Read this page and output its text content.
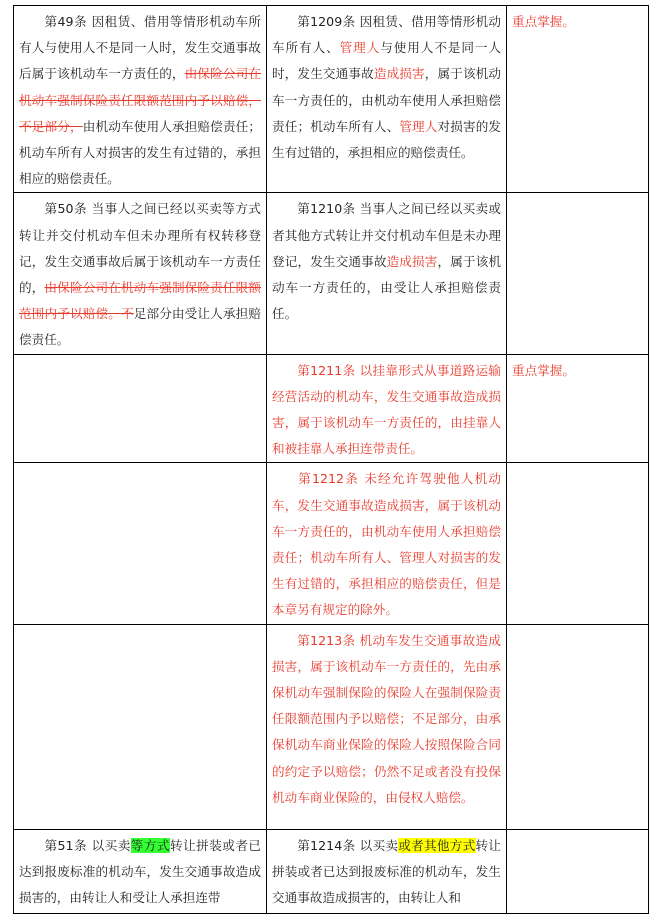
第49条 因租赁、借用等情形机动车所有人与使用人不是同一人时，发生交通事故后属于该机动车一方责任的，由保险公司在机动车强制保险责任限额范围内予以赔偿，不足部分，由机动车使用人承担赔偿责任；机动车所有人对损害的发生有过错的，承担相应的赔偿责任。	第1209条 因租赁、借用等情形机动车所有人、管理人与使用人不是同一人时，发生交通事故造成损害，属于该机动车一方责任的，由机动车使用人承担赔偿责任；机动车所有人、管理人对损害的发生有过错的，承担相应的赔偿责任。	重点掌握。
第50条 当事人之间已经以买卖等方式转让并交付机动车但未办理所有权转移登记，发生交通事故后属于该机动车一方责任的，由保险公司在机动车强制保险责任限额范围内予以赔偿。不足部分由受让人承担赔偿责任。	第1210条 当事人之间已经以买卖或者其他方式转让并交付机动车但是未办理登记，发生交通事故造成损害，属于该机动车一方责任的，由受让人承担赔偿责任。	
	第1211条 以挂靠形式从事道路运输经营活动的机动车，发生交通事故造成损害，属于该机动车一方责任的，由挂靠人和被挂靠人承担连带责任。	重点掌握。
	第1212条 未经允许驾驶他人机动车，发生交通事故造成损害，属于该机动车一方责任的，由机动车使用人承担赔偿责任；机动车所有人、管理人对损害的发生有过错的，承担相应的赔偿责任，但是本章另有规定的除外。	
	第1213条 机动车发生交通事故造成损害，属于该机动车一方责任的，先由承保机动车强制保险的保险人在强制保险责任限额范围内予以赔偿；不足部分，由承保机动车商业保险的保险人按照保险合同的约定予以赔偿；仍然不足或者没有投保机动车商业保险的，由侵权人赔偿。	
第51条 以买卖等方式转让拼装或者已达到报废标准的机动车，发生交通事故造成损害的，由转让人和受让人承担连带	第1214条 以买卖或者其他方式转让拼装或者已达到报废标准的机动车，发生交通事故造成损害的，由转让人和	
